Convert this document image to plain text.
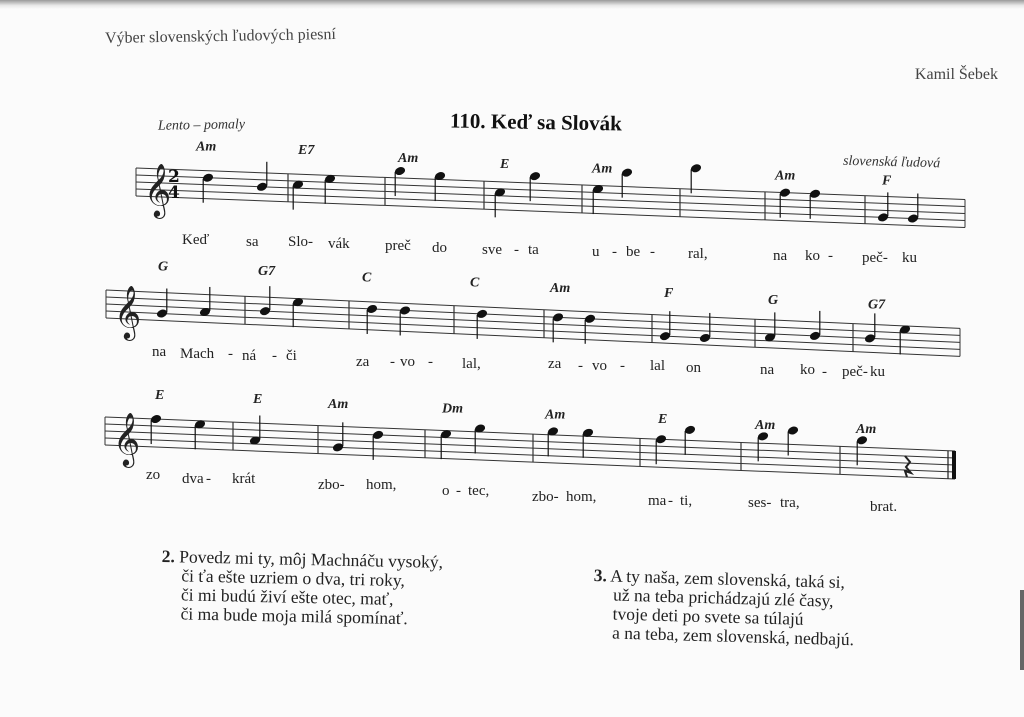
Výber slovenských ľudových piesní
Kamil Šebek
Lento – pomaly	110. Keď sa Slovák
slovenská ľudová
𝄞
2
4
Am	E7
Am	E	Am	Am	F
Keď sa Slo- vák preč do sve - ta	u - be - ral,	na ko - peč- ku
𝄞
G	G7	C	C	Am	F	G	G7
na Mach - ná - či	za - vo - lal,	za - vo - lal on	na ko - peč- ku
𝄞
E	E	Am	Dm	Am	E	Am	Am
zo dva - krát	zbo- hom,	o - tec,	zbo- hom,	ma - ti,	ses- tra,	brat.
2. Povedz mi ty, môj Machnáču vysoký,
či ťa ešte uzriem o dva, tri roky,
či mi budú živí ešte otec, mať,
či ma bude moja milá spomínať.
3. A ty naša, zem slovenská, taká si,
už na teba prichádzajú zlé časy,
tvoje deti po svete sa túlajú
a na teba, zem slovenská, nedbajú.
